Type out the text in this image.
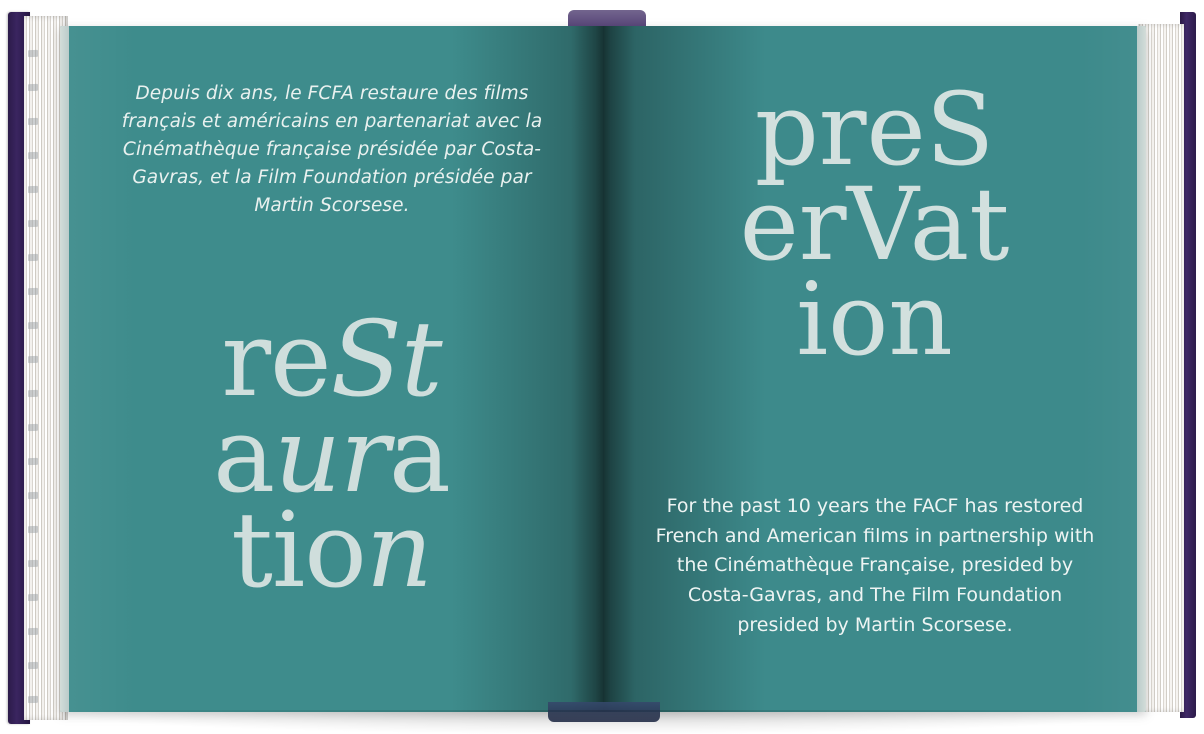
Depuis dix ans, le FCFA restaure des films français et américains en partenariat avec la Cinémathèque française présidée par Costa-Gavras, et la Film Foundation présidée par Martin Scorsese.
reSt
aura
tion
preS
erVat
ion
For the past 10 years the FACF has restored French and American films in partnership with the Cinémathèque Française, presided by Costa-Gavras, and The Film Foundation presided by Martin Scorsese.
